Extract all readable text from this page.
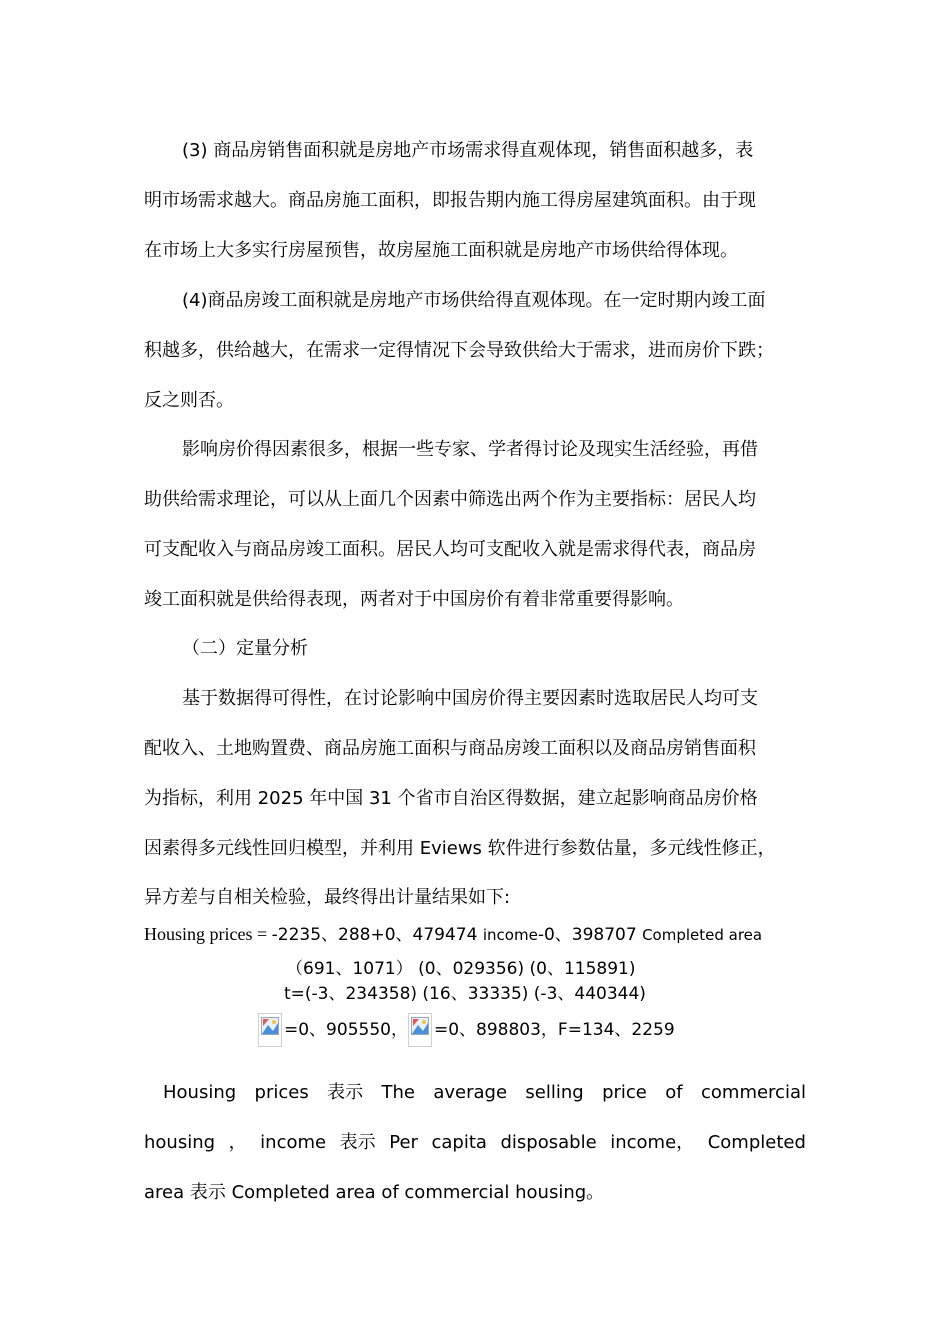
(3) 商品房销售面积就是房地产市场需求得直观体现，销售面积越多，表
明市场需求越大。商品房施工面积，即报告期内施工得房屋建筑面积。由于现
在市场上大多实行房屋预售，故房屋施工面积就是房地产市场供给得体现。
(4)商品房竣工面积就是房地产市场供给得直观体现。在一定时期内竣工面
积越多，供给越大，在需求一定得情况下会导致供给大于需求，进而房价下跌；
反之则否。
影响房价得因素很多，根据一些专家、学者得讨论及现实生活经验，再借
助供给需求理论，可以从上面几个因素中筛选出两个作为主要指标：居民人均
可支配收入与商品房竣工面积。居民人均可支配收入就是需求得代表，商品房
竣工面积就是供给得表现，两者对于中国房价有着非常重要得影响。
（二）定量分析
基于数据得可得性，在讨论影响中国房价得主要因素时选取居民人均可支
配收入、土地购置费、商品房施工面积与商品房竣工面积以及商品房销售面积
为指标，利用 2025 年中国 31 个省市自治区得数据，建立起影响商品房价格
因素得多元线性回归模型，并利用 Eviews 软件进行参数估量，多元线性修正，
异方差与自相关检验，最终得出计量结果如下:
Housing prices = -2235、288+0、479474 income-0、398707 Completed area
（691、1071） (0、029356) (0、115891)
t=(-3、234358) (16、33335) (-3、440344)
=0、905550， =0、898803，F=134、2259
Housing prices 表示 The average selling price of commercial
housing ， income 表示 Per capita disposable income， Completed
area 表示 Completed area of commercial housing。
